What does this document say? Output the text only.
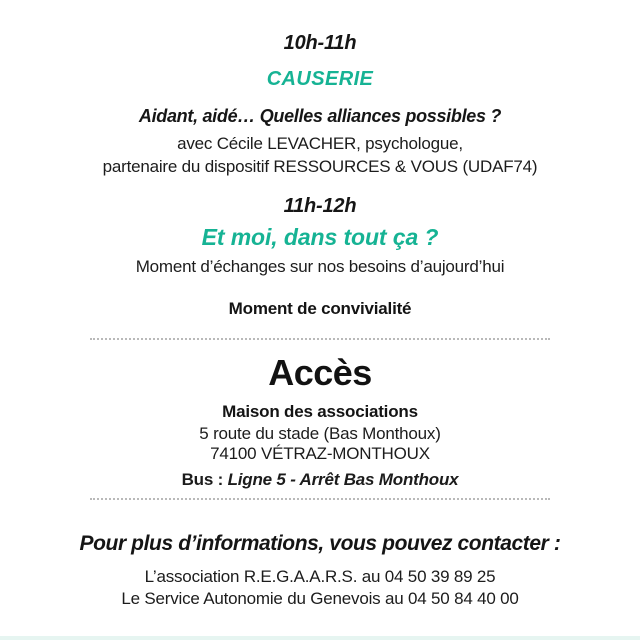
10h-11h
CAUSERIE
Aidant, aidé… Quelles alliances possibles ?
avec Cécile LEVACHER, psychologue,
partenaire du dispositif RESSOURCES & VOUS (UDAF74)
11h-12h
Et moi, dans tout ça ?
Moment d’échanges sur nos besoins d’aujourd’hui
Moment de convivialité
Accès
Maison des associations
5 route du stade (Bas Monthoux)
74100 VÉTRAZ-MONTHOUX
Bus : Ligne 5 - Arrêt Bas Monthoux
Pour plus d’informations, vous pouvez contacter :
L’association R.E.G.A.A.R.S. au 04 50 39 89 25
Le Service Autonomie du Genevois au 04 50 84 40 00
